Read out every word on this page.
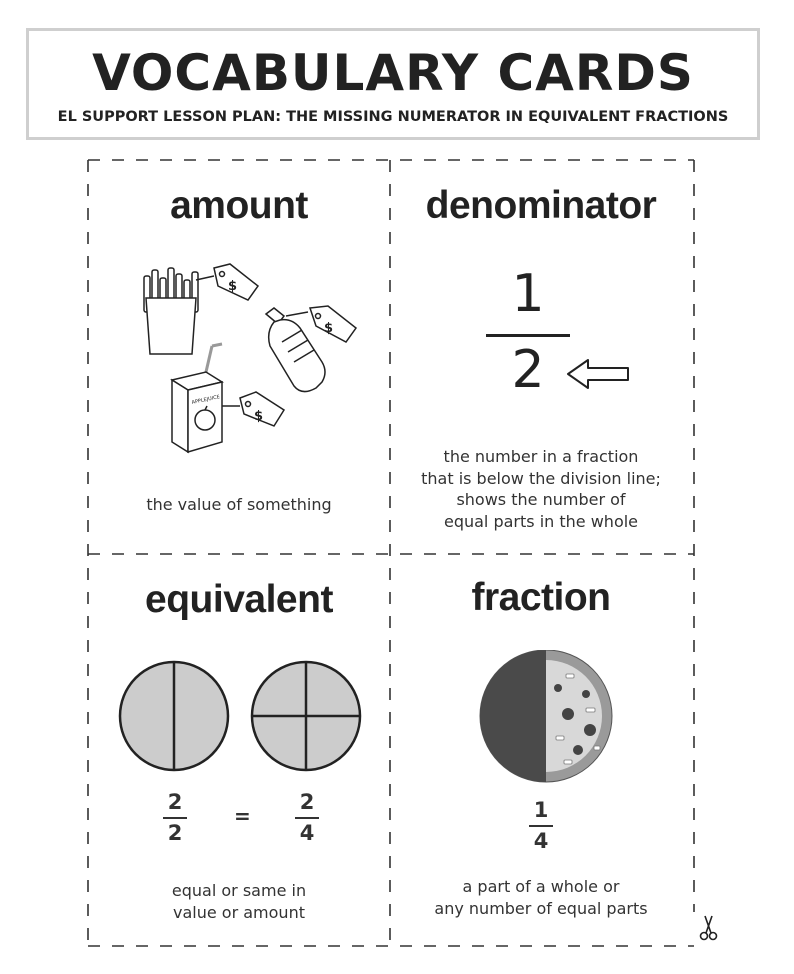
VOCABULARY CARDS
EL SUPPORT LESSON PLAN: THE MISSING NUMERATOR IN EQUIVALENT FRACTIONS
amount
$
$
APPLEJUICE
$
the value of something
denominator
1
2
the number in a fraction
that is below the division line;
shows the number of
equal parts in the whole
equivalent
2
2
=
2
4
equal or same in
value or amount
fraction
1
4
a part of a whole or
any number of equal parts
